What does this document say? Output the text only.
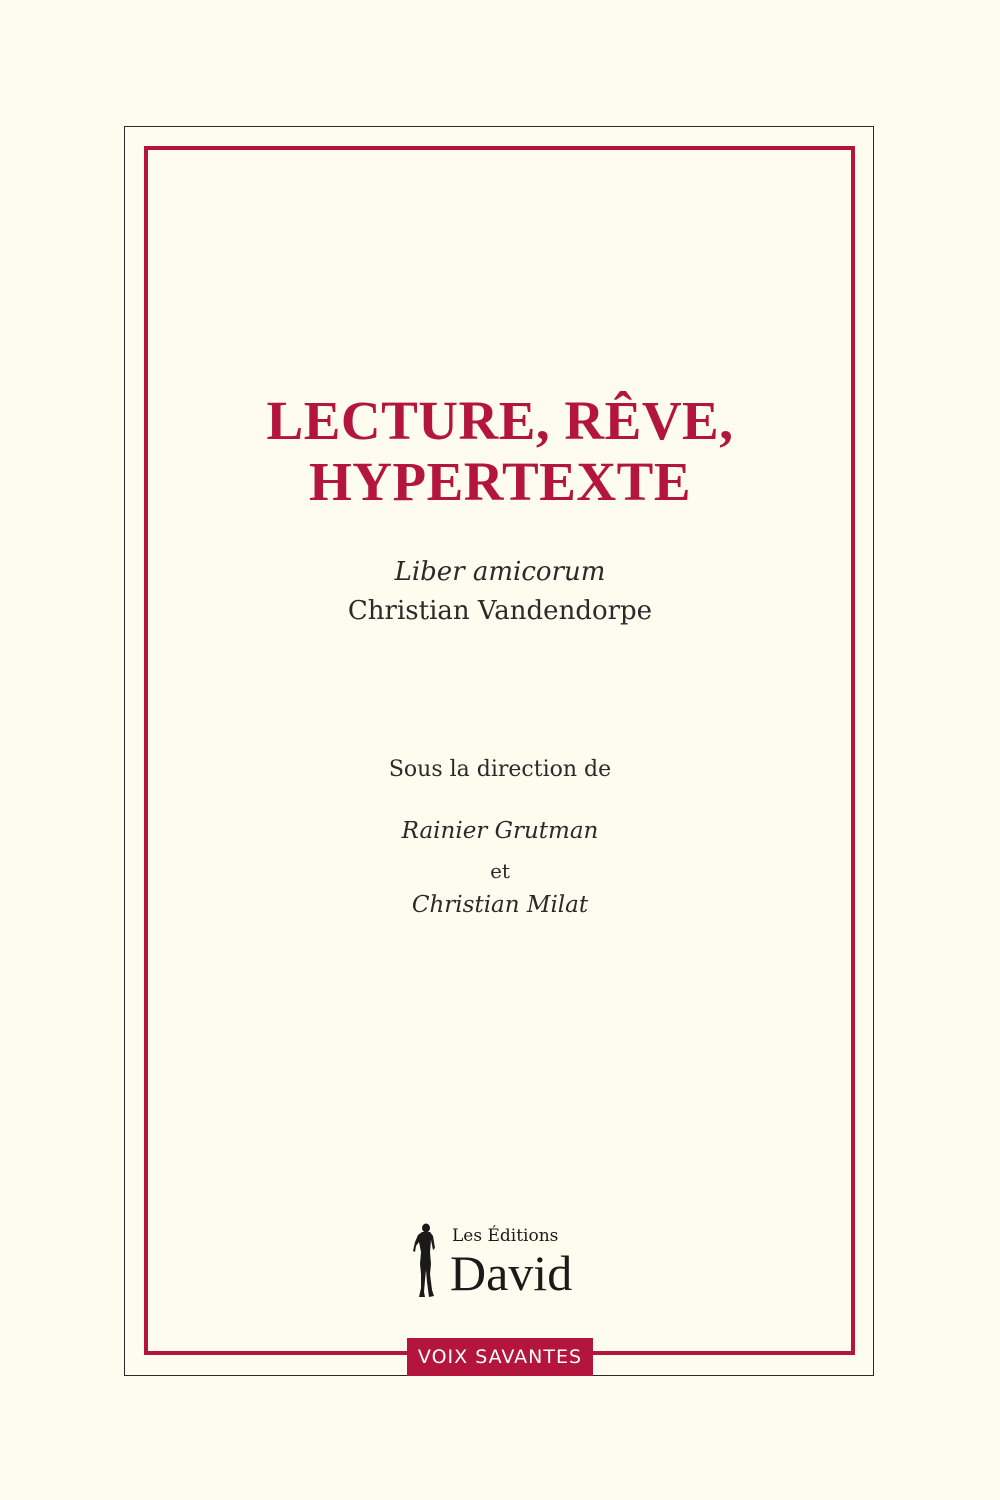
LECTURE, RÊVE,
HYPERTEXTE
Liber amicorum
Christian Vandendorpe
Sous la direction de
Rainier Grutman
et
Christian Milat
Les Éditions
David
VOIX SAVANTES
